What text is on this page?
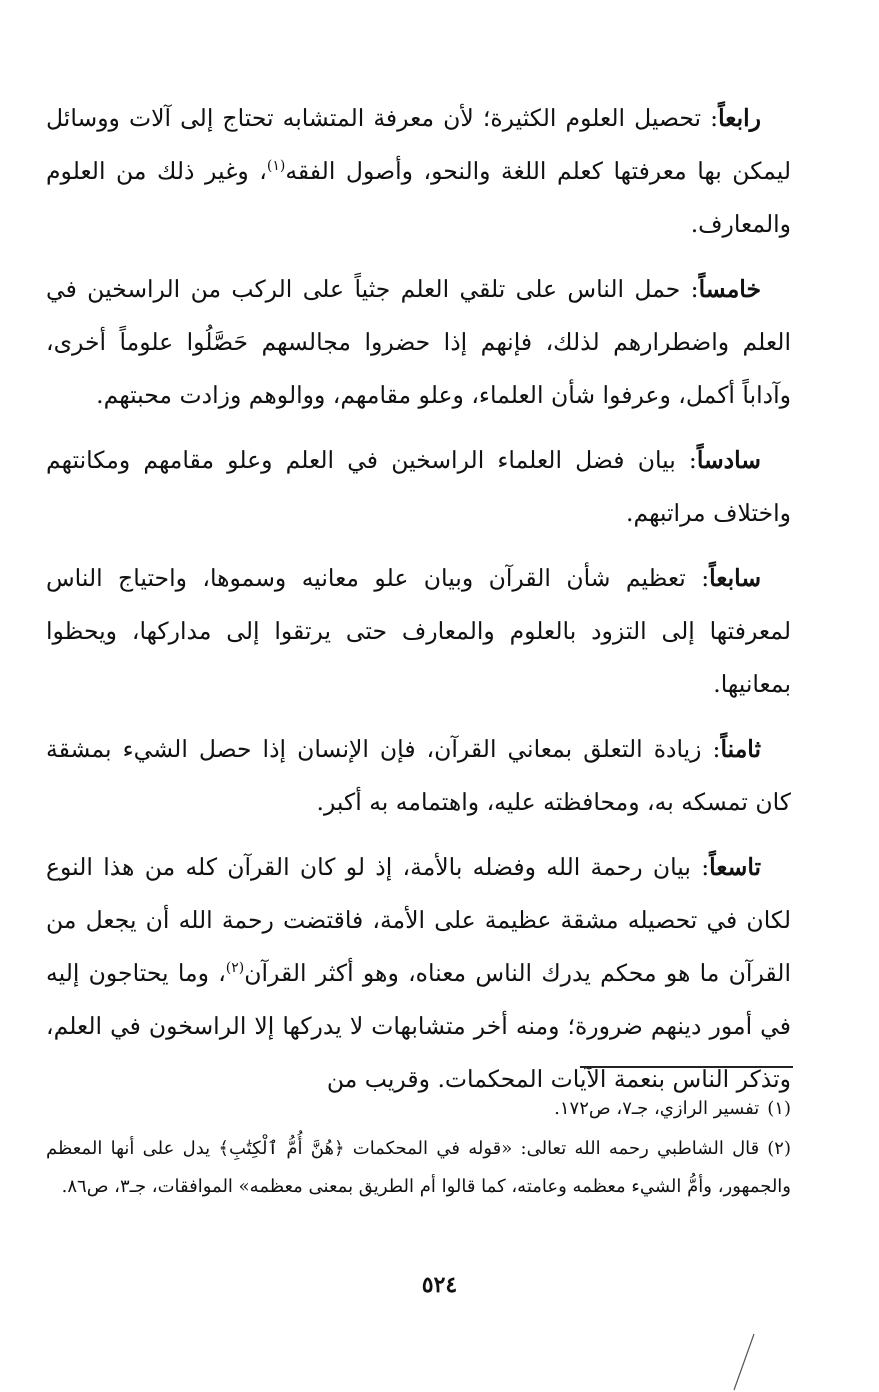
رابعاً: تحصيل العلوم الكثيرة؛ لأن معرفة المتشابه تحتاج إلى آلات ووسائل ليمكن بها معرفتها كعلم اللغة والنحو، وأصول الفقه$^{(١)}$، وغير ذلك من العلوم والمعارف.

خامساً: حمل الناس على تلقي العلم جثياً على الركب من الراسخين في العلم واضطرارهم لذلك، فإنهم إذا حضروا مجالسهم حَصَّلُوا علوماً أخرى، وآداباً أكمل، وعرفوا شأن العلماء، وعلو مقامهم، ووالوهم وزادت محبتهم.

سادساً: بيان فضل العلماء الراسخين في العلم وعلو مقامهم ومكانتهم واختلاف مراتبهم.

سابعاً: تعظيم شأن القرآن وبيان علو معانيه وسموها، واحتياج الناس لمعرفتها إلى التزود بالعلوم والمعارف حتى يرتقوا إلى مداركها، ويحظوا بمعانيها.

ثامناً: زيادة التعلق بمعاني القرآن، فإن الإنسان إذا حصل الشيء بمشقة كان تمسكه به، ومحافظته عليه، واهتمامه به أكبر.

تاسعاً: بيان رحمة الله وفضله بالأمة، إذ لو كان القرآن كله من هذا النوع لكان في تحصيله مشقة عظيمة على الأمة، فاقتضت رحمة الله أن يجعل من القرآن ما هو محكم يدرك الناس معناه، وهو أكثر القرآن$^{(٢)}$، وما يحتاجون إليه في أمور دينهم ضرورة؛ ومنه أخر متشابهات لا يدركها إلا الراسخون في العلم، وتذكر الناس بنعمة الآيات المحكمات. وقريب من

(١)تفسير الرازي، جـ٧، ص١٧٢.

(٢)قال الشاطبي رحمه الله تعالى: «قوله في المحكمات ﴿هُنَّ أُمُّ ٱلْكِتَٰبِ﴾ يدل على أنها المعظم والجمهور، وأمُّ الشيء معظمه وعامته، كما قالوا أم الطريق بمعنى معظمه» الموافقات، جـ٣، ص٨٦.

٥٢٤
